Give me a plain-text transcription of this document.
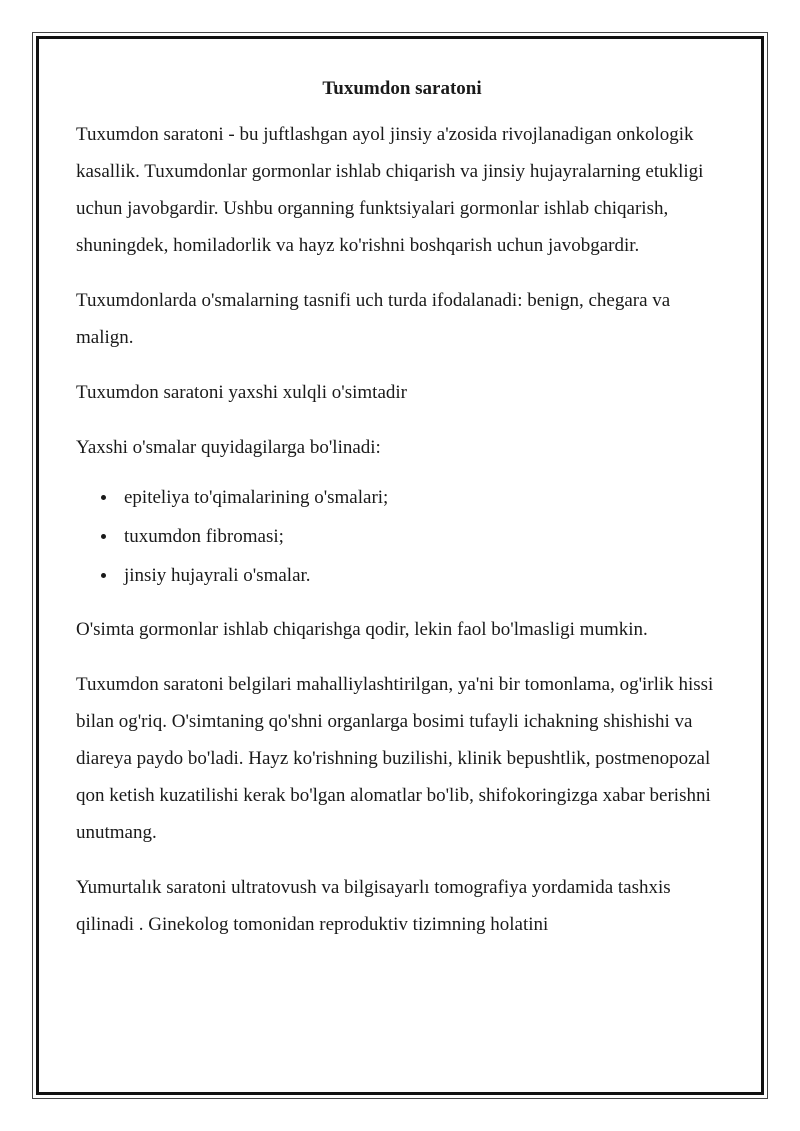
Tuxumdon saratoni

Tuxumdon saratoni - bu juftlashgan ayol jinsiy a'zosida rivojlanadigan onkologik kasallik. Tuxumdonlar gormonlar ishlab chiqarish va jinsiy hujayralarning etukligi uchun javobgardir. Ushbu organning funktsiyalari gormonlar ishlab chiqarish, shuningdek, homiladorlik va hayz ko'rishni boshqarish uchun javobgardir.

Tuxumdonlarda o'smalarning tasnifi uch turda ifodalanadi: benign, chegara va malign.

Tuxumdon saratoni yaxshi xulqli o'simtadir

Yaxshi o'smalar quyidagilarga bo'linadi:

epiteliya to'qimalarining o'smalari;
tuxumdon fibromasi;
jinsiy hujayrali o'smalar.

O'simta gormonlar ishlab chiqarishga qodir, lekin faol bo'lmasligi mumkin.

Tuxumdon saratoni belgilari mahalliylashtirilgan, ya'ni bir tomonlama, og'irlik hissi bilan og'riq. O'simtaning qo'shni organlarga bosimi tufayli ichakning shishishi va diareya paydo bo'ladi. Hayz ko'rishning buzilishi, klinik bepushtlik, postmenopozal qon ketish kuzatilishi kerak bo'lgan alomatlar bo'lib, shifokoringizga xabar berishni unutmang.

Yumurtalık saratoni ultratovush va bilgisayarlı tomografiya yordamida tashxis qilinadi . Ginekolog tomonidan reproduktiv tizimning holatini
